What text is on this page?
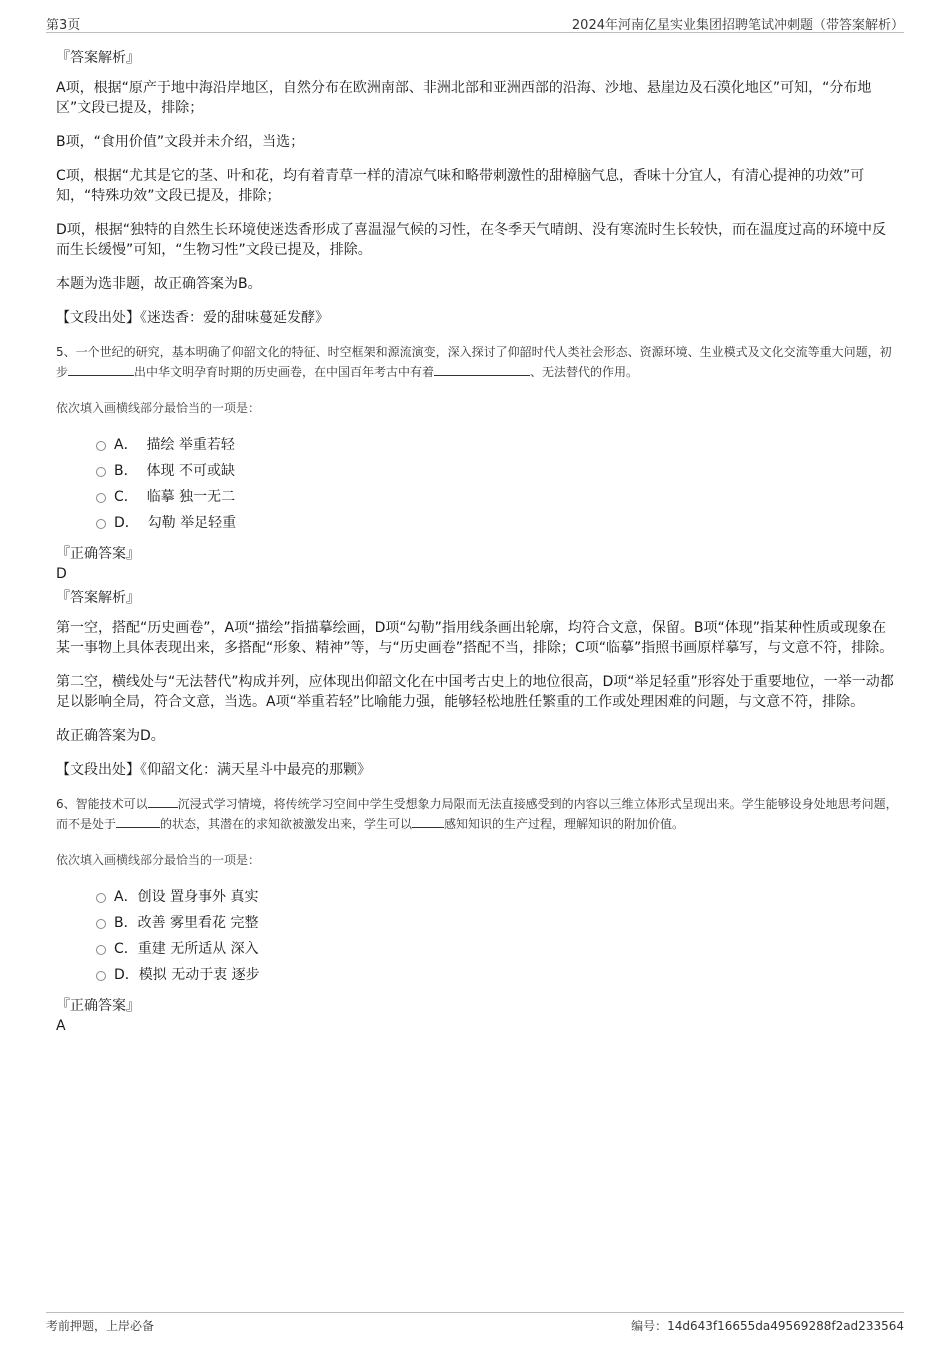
第3页	2024年河南亿星实业集团招聘笔试冲刺题（带答案解析）

『答案解析』

A项，根据“原产于地中海沿岸地区，自然分布在欧洲南部、非洲北部和亚洲西部的沿海、沙地、悬崖边及石漠化地区”可知，“分布地区”文段已提及，排除；

B项，“食用价值”文段并未介绍，当选；

C项，根据“尤其是它的茎、叶和花，均有着青草一样的清凉气味和略带刺激性的甜樟脑气息，香味十分宜人，有清心提神的功效”可知，“特殊功效”文段已提及，排除；

D项，根据“独特的自然生长环境使迷迭香形成了喜温湿气候的习性，在冬季天气晴朗、没有寒流时生长较快，而在温度过高的环境中反而生长缓慢”可知，“生物习性”文段已提及，排除。

本题为选非题，故正确答案为B。

【文段出处】《迷迭香：爱的甜味蔓延发酵》

5、一个世纪的研究，基本明确了仰韶文化的特征、时空框架和源流演变，深入探讨了仰韶时代人类社会形态、资源环境、生业模式及文化交流等重大问题，初步	出中华文明孕育时期的历史画卷，在中国百年考古中有着	、无法替代的作用。

依次填入画横线部分最恰当的一项是：

A． 描绘 举重若轻
B． 体现 不可或缺
C． 临摹 独一无二
D． 勾勒 举足轻重

『正确答案』

D

『答案解析』

第一空，搭配“历史画卷”，A项“描绘”指描摹绘画，D项“勾勒”指用线条画出轮廓，均符合文意，保留。B项“体现”指某种性质或现象在某一事物上具体表现出来，多搭配“形象、精神”等，与“历史画卷”搭配不当，排除；C项“临摹”指照书画原样摹写，与文意不符，排除。

第二空，横线处与“无法替代”构成并列，应体现出仰韶文化在中国考古史上的地位很高，D项“举足轻重”形容处于重要地位，一举一动都足以影响全局，符合文意，当选。A项“举重若轻”比喻能力强，能够轻松地胜任繁重的工作或处理困难的问题，与文意不符，排除。

故正确答案为D。

【文段出处】《仰韶文化：满天星斗中最亮的那颗》

6、智能技术可以	沉浸式学习情境，将传统学习空间中学生受想象力局限而无法直接感受到的内容以三维立体形式呈现出来。学生能够设身处地思考问题，而不是处于	的状态，其潜在的求知欲被激发出来，学生可以	感知知识的生产过程，理解知识的附加价值。

依次填入画横线部分最恰当的一项是：

A．创设 置身事外 真实
B．改善 雾里看花 完整
C．重建 无所适从 深入
D．模拟 无动于衷 逐步

『正确答案』

A

考前押题，上岸必备	编号：14d643f16655da49569288f2ad233564
